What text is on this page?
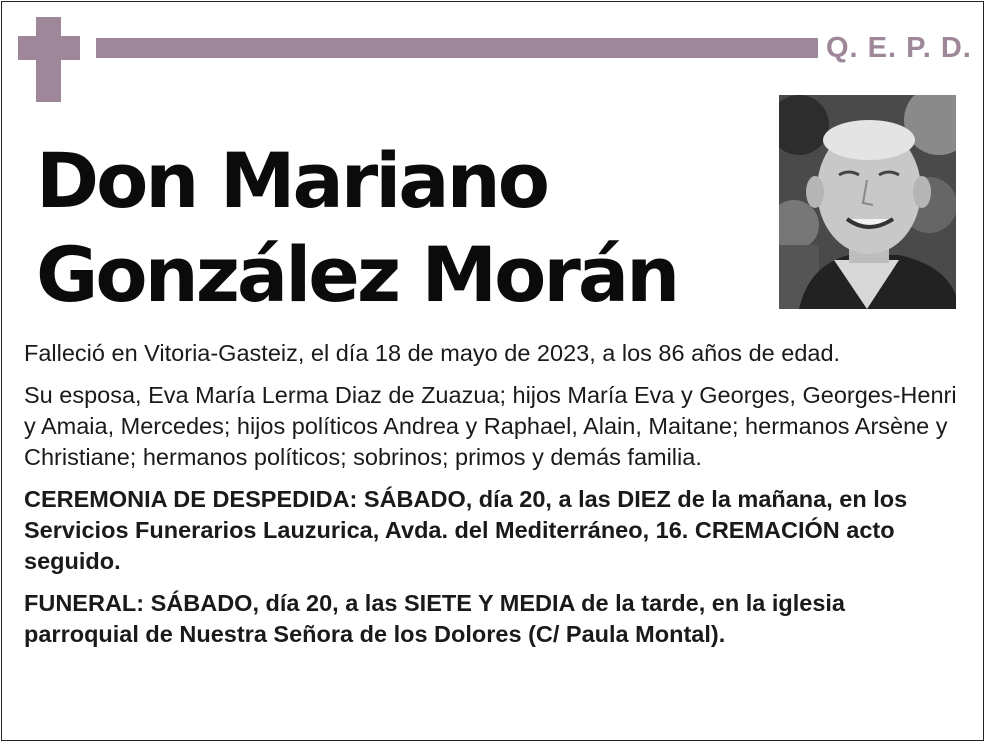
Q. E. P. D.
Don Mariano
González Morán

Falleció en Vitoria-Gasteiz, el día 18 de mayo de 2023, a los 86 años de edad.

Su esposa, Eva María Lerma Diaz de Zuazua; hijos María Eva y Georges, Georges-Henri y Amaia, Mercedes; hijos políticos Andrea y Raphael, Alain, Maitane; hermanos Arsène y Christiane; hermanos políticos; sobrinos; primos y demás familia.

CEREMONIA DE DESPEDIDA: SÁBADO, día 20, a las DIEZ de la mañana, en los Servicios Funerarios Lauzurica, Avda. del Mediterráneo, 16. CREMACIÓN acto seguido.

FUNERAL: SÁBADO, día 20, a las SIETE Y MEDIA de la tarde, en la iglesia parroquial de Nuestra Señora de los Dolores (C/ Paula Montal).
